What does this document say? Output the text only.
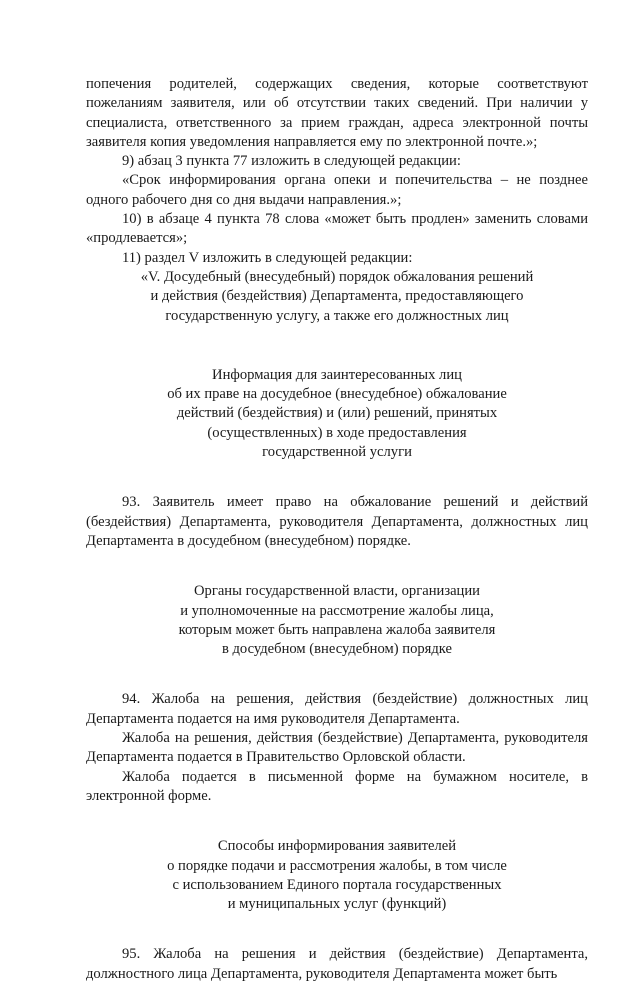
попечения родителей, содержащих сведения, которые соответствуют пожеланиям заявителя, или об отсутствии таких сведений. При наличии у специалиста, ответственного за прием граждан, адреса электронной почты заявителя копия уведомления направляется ему по электронной почте.»;

9) абзац 3 пункта 77 изложить в следующей редакции:

«Срок информирования органа опеки и попечительства – не позднее одного рабочего дня со дня выдачи направления.»;

10) в абзаце 4 пункта 78 слова «может быть продлен» заменить словами «продлевается»;

11) раздел V изложить в следующей редакции:

«V. Досудебный (внесудебный) порядок обжалования решений
и действия (бездействия) Департамента, предоставляющего
государственную услугу, а также его должностных лиц
Информация для заинтересованных лиц
об их праве на досудебное (внесудебное) обжалование
действий (бездействия) и (или) решений, принятых
(осуществленных) в ходе предоставления
государственной услуги

93. Заявитель имеет право на обжалование решений и действий (бездействия) Департамента, руководителя Департамента, должностных лиц Департамента в досудебном (внесудебном) порядке.

Органы государственной власти, организации
и уполномоченные на рассмотрение жалобы лица,
которым может быть направлена жалоба заявителя
в досудебном (внесудебном) порядке

94. Жалоба на решения, действия (бездействие) должностных лиц Департамента подается на имя руководителя Департамента.

Жалоба на решения, действия (бездействие) Департамента, руководителя Департамента подается в Правительство Орловской области.

Жалоба подается в письменной форме на бумажном носителе, в электронной форме.

Способы информирования заявителей
о порядке подачи и рассмотрения жалобы, в том числе
с использованием Единого портала государственных
и муниципальных услуг (функций)

95. Жалоба на решения и действия (бездействие) Департамента, должностного лица Департамента, руководителя Департамента может быть
